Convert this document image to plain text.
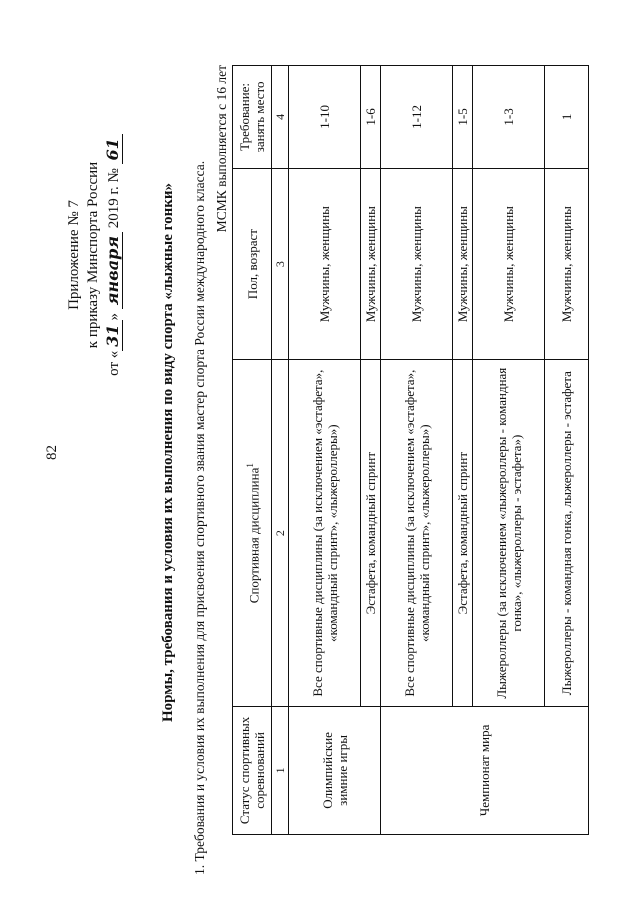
82
Приложение № 7 к приказу Минспорта России
от «31» января 2019 г. № 61
Нормы, требования и условия их выполнения по виду спорта «лыжные гонки» 1. Требования и условия их выполнения для присвоения спортивного звания мастер спорта России международного класса.
МСМК выполняется с 16 лет
Статус спортивных соревнований	Спортивная дисциплина$^1$	Пол, возраст	Требование: занять место
1	2	3	4
Олимпийские зимние игры	Все спортивные дисциплины (за исключением «эстафета», «командный спринт», «лыжероллеры»)	Мужчины, женщины	1-10
	Эстафета, командный спринт	Мужчины, женщины	1-6
Чемпионат мира	Все спортивные дисциплины (за исключением «эстафета», «командный спринт», «лыжероллеры»)	Мужчины, женщины	1-12
	Эстафета, командный спринт	Мужчины, женщины	1-5
	Лыжероллеры (за исключением «лыжероллеры - командная гонка», «лыжероллеры - эстафета»)	Мужчины, женщины	1-3
	Лыжероллеры - командная гонка, лыжероллеры - эстафета	Мужчины, женщины	1
